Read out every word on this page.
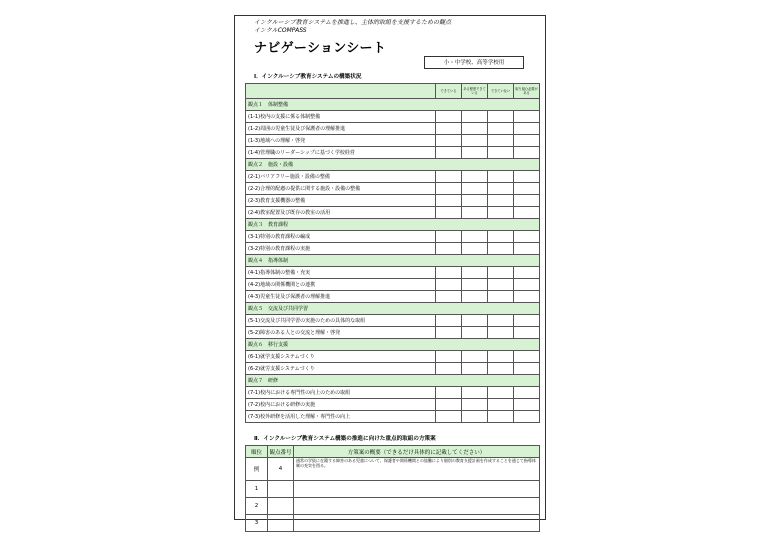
インクルーシブ教育システムを推進し、主体的取組を支援するための観点
インクルCOMPASS
ナビゲーションシート
小・中学校、高等学校用
Ⅰ．インクルーシブ教育システムの構築状況
	できている	ある程度できている	できていない	取り組む必要がある
観点１　体制整備				
(1-1)校内の支援に係る体制整備				
(1-2)周囲の児童生徒及び保護者の理解推進				
(1-3)地域への理解・啓発				
(1-4)管理職のリーダーシップに基づく学校経営				
観点２　施設・設備				
(2-1)バリアフリー施設・設備の整備				
(2-2)合理的配慮の提供に関する施設・設備の整備				
(2-3)教育支援機器の整備				
(2-4)教室配置及び既存の教室の活用				
観点３　教育課程				
(3-1)特別の教育課程の編成				
(3-2)特別の教育課程の実施				
観点４　指導体制				
(4-1)指導体制の整備・充実				
(4-2)地域の関係機関との連携				
(4-3)児童生徒及び保護者の理解推進				
観点５　交流及び共同学習				
(5-1)交流及び共同学習の実施のための具体的な取組				
(5-2)障害のある人との交流と理解・啓発				
観点６　移行支援				
(6-1)就学支援システムづくり				
(6-2)就労支援システムづくり				
観点７　研修				
(7-1)校内における専門性の向上のための取組				
(7-2)校内における研修の実施				
(7-3)校外研修を活用した理解・専門性の向上				
Ⅱ．インクルーシブ教育システム構築の推進に向けた重点的取組の方策案
順位	観点番号	方策案の概要（できるだけ具体的に記載してください）
例	4	通常の学級に在籍する障害のある児童について、保護者や関係機関との協働により個別の教育支援計画を作成することを通じて指導体制の充実を図る。
1		
2		
3		
